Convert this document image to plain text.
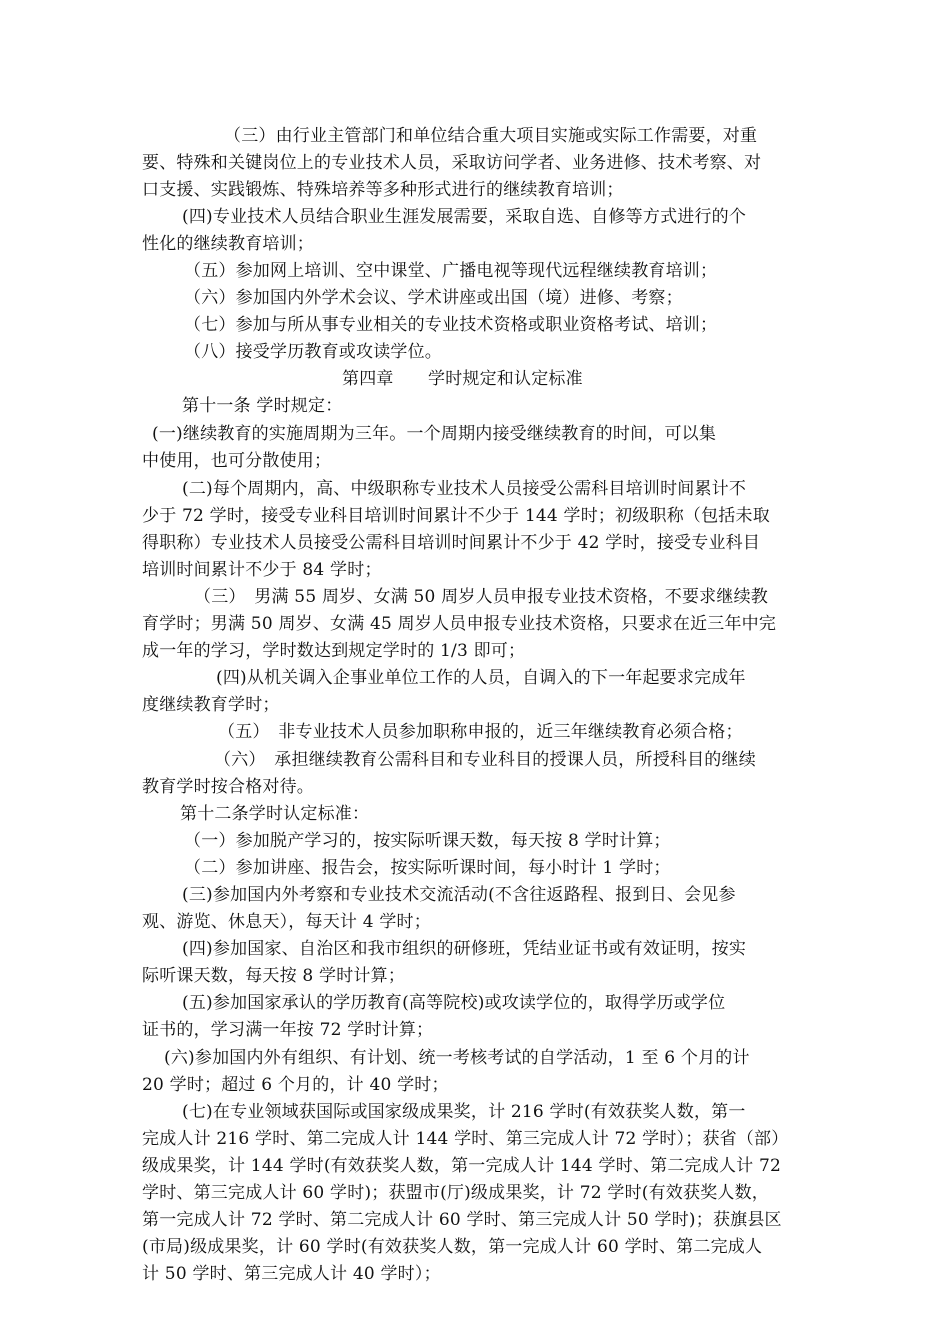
（三）由行业主管部门和单位结合重大项目实施或实际工作需要，对重
要、特殊和关键岗位上的专业技术人员，采取访问学者、业务进修、技术考察、对
口支援、实践锻炼、特殊培养等多种形式进行的继续教育培训；
(四)专业技术人员结合职业生涯发展需要，采取自选、自修等方式进行的个
性化的继续教育培训；
（五）参加网上培训、空中课堂、广播电视等现代远程继续教育培训；
（六）参加国内外学术会议、学术讲座或出国（境）进修、考察；
（七）参加与所从事专业相关的专业技术资格或职业资格考试、培训；
（八）接受学历教育或攻读学位。
第四章　　学时规定和认定标准
第十一条 学时规定：
(一)继续教育的实施周期为三年。一个周期内接受继续教育的时间，可以集
中使用，也可分散使用；
(二)每个周期内，高、中级职称专业技术人员接受公需科目培训时间累计不
少于 72 学时，接受专业科目培训时间累计不少于 144 学时；初级职称（包括未取
得职称）专业技术人员接受公需科目培训时间累计不少于 42 学时，接受专业科目
培训时间累计不少于 84 学时；
（三）　男满 55 周岁、女满 50 周岁人员申报专业技术资格，不要求继续教
育学时；男满 50 周岁、女满 45 周岁人员申报专业技术资格，只要求在近三年中完
成一年的学习，学时数达到规定学时的 1/3 即可；
(四)从机关调入企事业单位工作的人员，自调入的下一年起要求完成年
度继续教育学时；
（五）　非专业技术人员参加职称申报的，近三年继续教育必须合格；
（六）　承担继续教育公需科目和专业科目的授课人员，所授科目的继续
教育学时按合格对待。
第十二条学时认定标准：
（一）参加脱产学习的，按实际听课天数，每天按 8 学时计算；
（二）参加讲座、报告会，按实际听课时间，每小时计 1 学时；
(三)参加国内外考察和专业技术交流活动(不含往返路程、报到日、会见参
观、游览、休息天），每天计 4 学时；
(四)参加国家、自治区和我市组织的研修班，凭结业证书或有效证明，按实
际听课天数，每天按 8 学时计算；
(五)参加国家承认的学历教育(高等院校)或攻读学位的，取得学历或学位
证书的，学习满一年按 72 学时计算；
(六)参加国内外有组织、有计划、统一考核考试的自学活动，1 至 6 个月的计
20 学时；超过 6 个月的，计 40 学时；
(七)在专业领域获国际或国家级成果奖，计 216 学时(有效获奖人数，第一
完成人计 216 学时、第二完成人计 144 学时、第三完成人计 72 学时）；获省（部）
级成果奖，计 144 学时(有效获奖人数，第一完成人计 144 学时、第二完成人计 72
学时、第三完成人计 60 学时)；获盟市(厅)级成果奖，计 72 学时(有效获奖人数，
第一完成人计 72 学时、第二完成人计 60 学时、第三完成人计 50 学时)；获旗县区
(市局)级成果奖，计 60 学时(有效获奖人数，第一完成人计 60 学时、第二完成人
计 50 学时、第三完成人计 40 学时）；
